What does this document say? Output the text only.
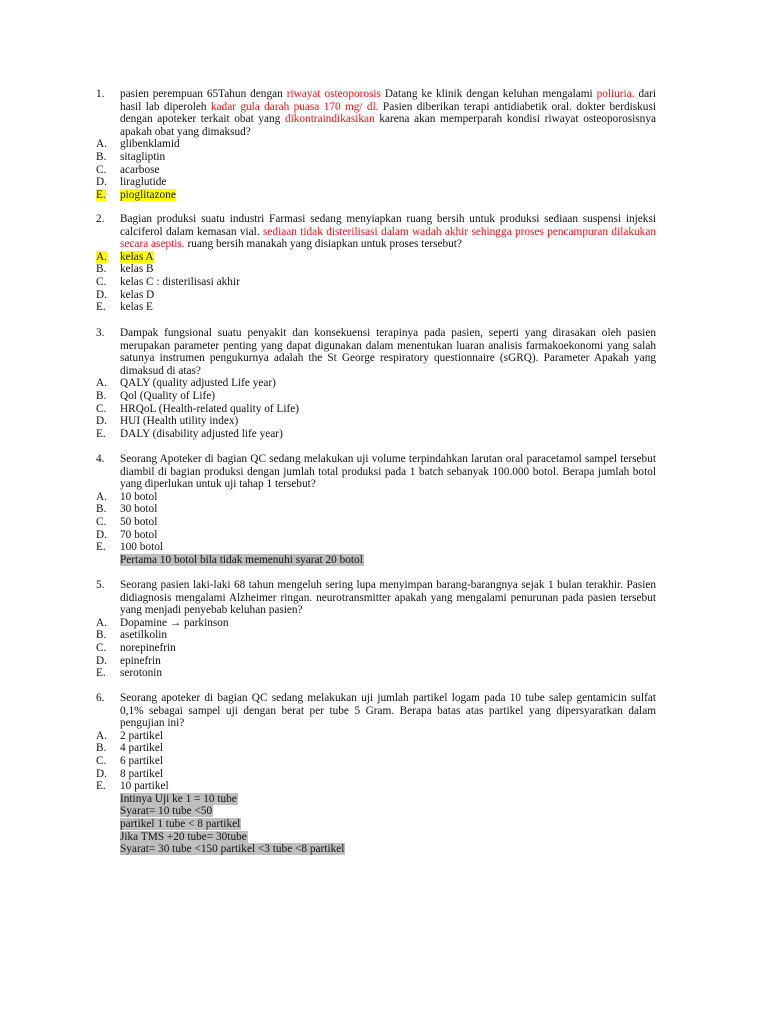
1.	pasien perempuan 65Tahun dengan riwayat osteoporosis Datang ke klinik dengan keluhan mengalami poliuria. dari hasil lab diperoleh kadar gula darah puasa 170 mg/ dl. Pasien diberikan terapi antidiabetik oral. dokter berdiskusi dengan apoteker terkait obat yang dikontraindikasikan karena akan memperparah kondisi riwayat osteoporosisnya apakah obat yang dimaksud?
A.	glibenklamid
B.	sitagliptin
C.	acarbose
D.	liraglutide
E.	pioglitazone
2.	Bagian produksi suatu industri Farmasi sedang menyiapkan ruang bersih untuk produksi sediaan suspensi injeksi calciferol dalam kemasan vial. sediaan tidak disterilisasi dalam wadah akhir sehingga proses pencampuran dilakukan secara aseptis. ruang bersih manakah yang disiapkan untuk proses tersebut?
A.	kelas A
B.	kelas B
C.	kelas C : disterilisasi akhir
D.	kelas D
E.	kelas E
3.	Dampak fungsional suatu penyakit dan konsekuensi terapinya pada pasien, seperti yang dirasakan oleh pasien merupakan parameter penting yang dapat digunakan dalam menentukan luaran analisis farmakoekonomi yang salah satunya instrumen pengukurnya adalah the St George respiratory questionnaire (sGRQ). Parameter Apakah yang dimaksud di atas?
A.	QALY (quality adjusted Life year)
B.	Qol (Quality of Life)
C.	HRQoL (Health-related quality of Life)
D.	HUI (Health utility index)
E.	DALY (disability adjusted life year)
4.	Seorang Apoteker di bagian QC sedang melakukan uji volume terpindahkan larutan oral paracetamol sampel tersebut diambil di bagian produksi dengan jumlah total produksi pada 1 batch sebanyak 100.000 botol. Berapa jumlah botol yang diperlukan untuk uji tahap 1 tersebut?
A.	10 botol
B.	30 botol
C.	50 botol
D.	70 botol
E.	100 botol
Pertama 10 botol bila tidak memenuhi syarat 20 botol
5.	Seorang pasien laki-laki 68 tahun mengeluh sering lupa menyimpan barang-barangnya sejak 1 bulan terakhir. Pasien didiagnosis mengalami Alzheimer ringan. neurotransmitter apakah yang mengalami penurunan pada pasien tersebut yang menjadi penyebab keluhan pasien?
A.	Dopamine → parkinson
B.	asetilkolin
C.	norepinefrin
D.	epinefrin
E.	serotonin
6.	Seorang apoteker di bagian QC sedang melakukan uji jumlah partikel logam pada 10 tube salep gentamicin sulfat 0,1% sebagai sampel uji dengan berat per tube 5 Gram. Berapa batas atas partikel yang dipersyaratkan dalam pengujian ini?
A.	2 partikel
B.	4 partikel
C.	6 partikel
D.	8 partikel
E.	10 partikel
Intinya Uji ke 1 = 10 tube
Syarat= 10 tube <50
partikel 1 tube < 8 partikel
Jika TMS +20 tube= 30tube
Syarat= 30 tube <150 partikel <3 tube <8 partikel
